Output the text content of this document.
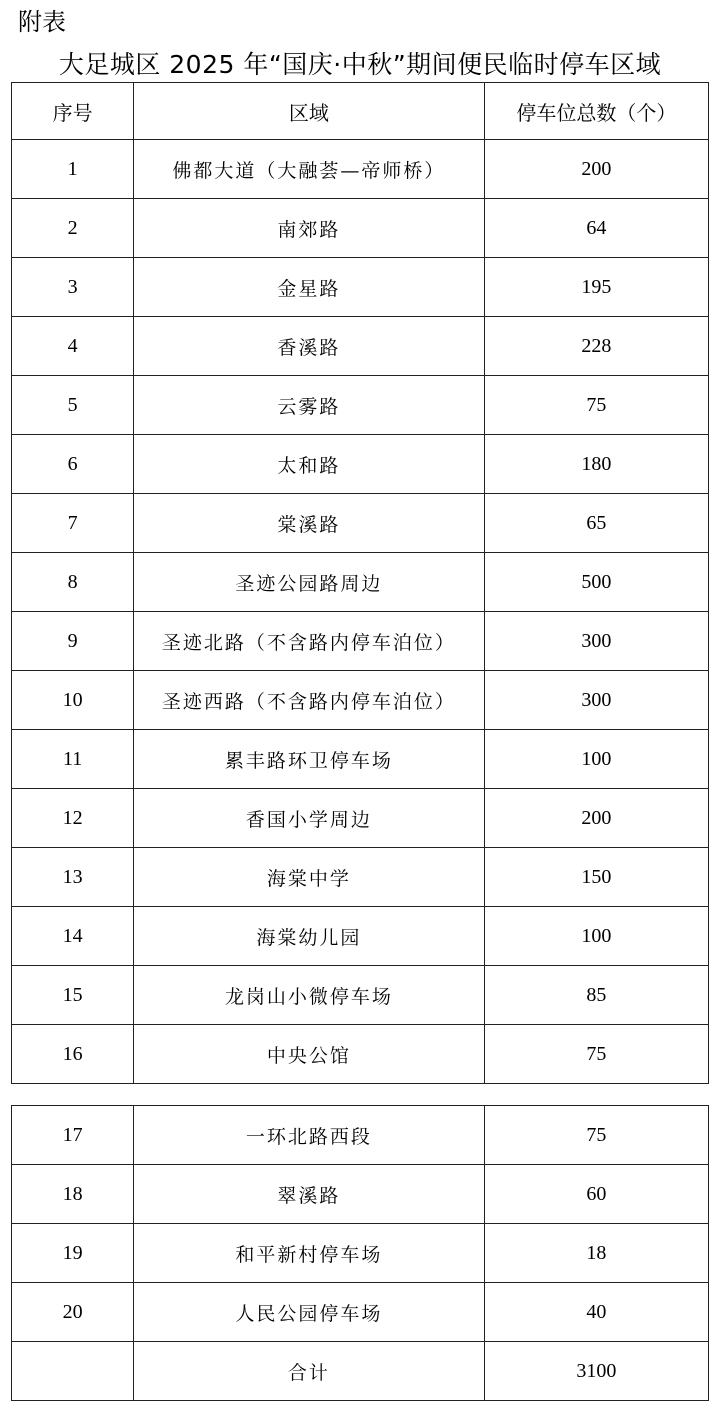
附表
大足城区 2025 年“国庆·中秋”期间便民临时停车区域
序号	区域	停车位总数（个）
1	佛都大道（大融荟—帝师桥）	200
2	南郊路	64
3	金星路	195
4	香溪路	228
5	云雾路	75
6	太和路	180
7	棠溪路	65
8	圣迹公园路周边	500
9	圣迹北路（不含路内停车泊位）	300
10	圣迹西路（不含路内停车泊位）	300
11	累丰路环卫停车场	100
12	香国小学周边	200
13	海棠中学	150
14	海棠幼儿园	100
15	龙岗山小微停车场	85
16	中央公馆	75
17	一环北路西段	75
18	翠溪路	60
19	和平新村停车场	18
20	人民公园停车场	40
	合计	3100
